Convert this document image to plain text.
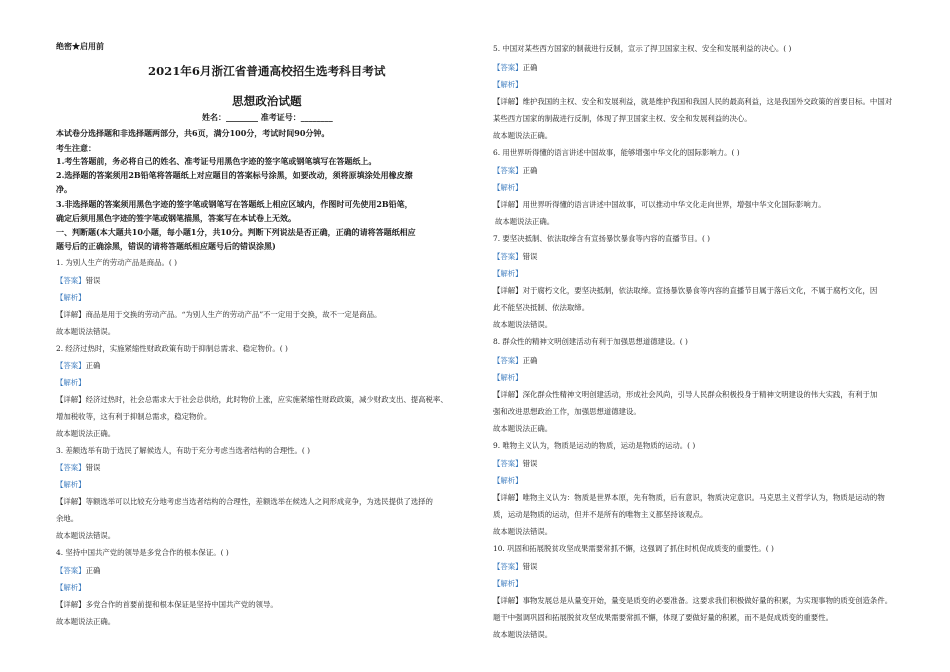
绝密★启用前
2021年6月浙江省普通高校招生选考科目考试
思想政治试题
姓名：________ 准考证号：________
本试卷分选择题和非选择题两部分，共6页，满分100分，考试时间90分钟。
考生注意：
1.考生答题前，务必将自己的姓名、准考证号用黑色字迹的签字笔或钢笔填写在答题纸上。
2.选择题的答案须用2B铅笔将答题纸上对应题目的答案标号涂黑，如要改动，须将原填涂处用橡皮擦
净。
3.非选择题的答案须用黑色字迹的签字笔或钢笔写在答题纸上相应区域内，作图时可先使用2B铅笔，
确定后须用黑色字迹的签字笔或钢笔描黑，答案写在本试卷上无效。
一、判断题(本大题共10小题，每小题1分，共10分。判断下列说法是否正确，正确的请将答题纸相应
题号后的正确涂黑，错误的请将答题纸相应题号后的错误涂黑)
1. 为别人生产的劳动产品是商品。( )
【答案】错误
【解析】
【详解】商品是用于交换的劳动产品。“为别人生产的劳动产品”不一定用于交换，故不一定是商品。
故本题说法错误。
2. 经济过热时，实施紧缩性财政政策有助于抑制总需求、稳定物价。( )
【答案】正确
【解析】
【详解】经济过热时，社会总需求大于社会总供给，此时物价上涨，应实施紧缩性财政政策，减少财政支出、提高税率、
增加税收等，这有利于抑制总需求，稳定物价。
故本题说法正确。
3. 差额选举有助于选民了解候选人，有助于充分考虑当选者结构的合理性。( )
【答案】错误
【解析】
【详解】等额选举可以比较充分地考虑当选者结构的合理性，差额选举在候选人之间形成竞争，为选民提供了选择的
余地。
故本题说法错误。
4. 坚持中国共产党的领导是多党合作的根本保证。( )
【答案】正确
【解析】
【详解】多党合作的首要前提和根本保证是坚持中国共产党的领导。
故本题说法正确。
5. 中国对某些西方国家的制裁进行反制，宣示了捍卫国家主权、安全和发展利益的决心。( )
【答案】正确
【解析】
【详解】维护我国的主权、安全和发展利益，就是维护我国和我国人民的最高利益，这是我国外交政策的首要目标。中国对
某些西方国家的制裁进行反制，体现了捍卫国家主权、安全和发展利益的决心。
故本题说法正确。
6. 用世界听得懂的语言讲述中国故事，能够增强中华文化的国际影响力。( )
【答案】正确
【解析】
【详解】用世界听得懂的语言讲述中国故事，可以推动中华文化走向世界，增强中华文化国际影响力。
故本题说法正确。
7. 要坚决抵制、依法取缔含有宣扬暴饮暴食等内容的直播节目。( )
【答案】错误
【解析】
【详解】对于腐朽文化，要坚决抵制，依法取缔。宣扬暴饮暴食等内容的直播节目属于落后文化，不属于腐朽文化，因
此不能坚决抵制、依法取缔。
故本题说法错误。
8. 群众性的精神文明创建活动有利于加强思想道德建设。( )
【答案】正确
【解析】
【详解】深化群众性精神文明创建活动，形成社会风尚，引导人民群众积极投身于精神文明建设的伟大实践，有利于加
强和改进思想政治工作，加强思想道德建设。
故本题说法正确。
9. 唯物主义认为，物质是运动的物质，运动是物质的运动。( )
【答案】错误
【解析】
【详解】唯物主义认为：物质是世界本原，先有物质，后有意识，物质决定意识。马克思主义哲学认为，物质是运动的物
质，运动是物质的运动，但并不是所有的唯物主义都坚持该观点。
故本题说法错误。
10. 巩固和拓展脱贫攻坚成果需要常抓不懈，这强调了抓住时机促成质变的重要性。( )
【答案】错误
【解析】
【详解】事物发展总是从量变开始，量变是质变的必要准备。这要求我们积极做好量的积累，为实现事物的质变创造条件。
题干中强调巩固和拓展脱贫攻坚成果需要常抓不懈，体现了要做好量的积累，而不是促成质变的重要性。
故本题说法错误。
